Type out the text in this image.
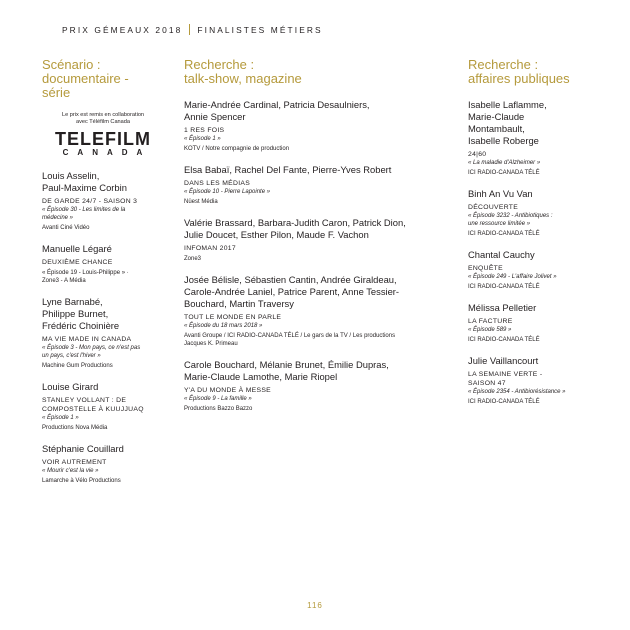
PRIX GÉMEAUX 2018 FINALISTES MÉTIERS
Scénario :
documentaire -
série
Le prix est remis en collaboration
avec Téléfilm Canada
TELEFILM
CANADA
Louis Asselin,
Paul-Maxime Corbin
DE GARDE 24/7 - SAISON 3
« Épisode 30 - Les limites de la
médecine »
Avanti Ciné Vidéo
Manuelle Légaré
DEUXIÈME CHANCE
« Épisode 19 - Louis-Philippe » ·
Zone3 - A Média
Lyne Barnabé,
Philippe Burnet,
Frédéric Choinière
MA VIE MADE IN CANADA
« Épisode 3 - Mon pays, ce n'est pas
un pays, c'est l'hiver »
Machine Gum Productions
Louise Girard
STANLEY VOLLANT : DE
COMPOSTELLE À KUUJJUAQ
« Épisode 1 »
Productions Nova Média
Stéphanie Couillard
VOIR AUTREMENT
« Mourir c'est la vie »
Lamarche à Vélo Productions
Recherche :
talk-show, magazine
Marie-Andrée Cardinal, Patricia Desaulniers,
Annie Spencer
1 RES FOIS
« Épisode 1 »
KOTV / Notre compagnie de production
Elsa Babaï, Rachel Del Fante, Pierre-Yves Robert
DANS LES MÉDIAS
« Épisode 10 - Pierre Lapointe »
Nüest Média
Valérie Brassard, Barbara-Judith Caron, Patrick Dion,
Julie Doucet, Esther Pilon, Maude F. Vachon
INFOMAN 2017
Zone3
Josée Bélisle, Sébastien Cantin, Andrée Giraldeau,
Carole-Andrée Laniel, Patrice Parent, Anne Tessier-
Bouchard, Martin Traversy
TOUT LE MONDE EN PARLE
« Épisode du 18 mars 2018 »
Avanti Groupe / ICI RADIO-CANADA TÉLÉ / Le gars de la TV / Les productions
Jacques K. Primeau
Carole Bouchard, Mélanie Brunet, Émilie Dupras,
Marie-Claude Lamothe, Marie Riopel
Y'A DU MONDE À MESSE
« Épisode 9 - La famille »
Productions Bazzo Bazzo
Recherche :
affaires publiques
Isabelle Laflamme,
Marie-Claude
Montambault,
Isabelle Roberge
24|60
« La maladie d'Alzheimer »
ICI RADIO-CANADA TÉLÉ
Binh An Vu Van
DÉCOUVERTE
« Épisode 3232 - Antibiotiques :
une ressource limitée »
ICI RADIO-CANADA TÉLÉ
Chantal Cauchy
ENQUÊTE
« Épisode 249 - L'affaire Jolivet »
ICI RADIO-CANADA TÉLÉ
Mélissa Pelletier
LA FACTURE
« Épisode 589 »
ICI RADIO-CANADA TÉLÉ
Julie Vaillancourt
LA SEMAINE VERTE -
SAISON 47
« Épisode 2354 - Antibiorésistance »
ICI RADIO-CANADA TÉLÉ
116
